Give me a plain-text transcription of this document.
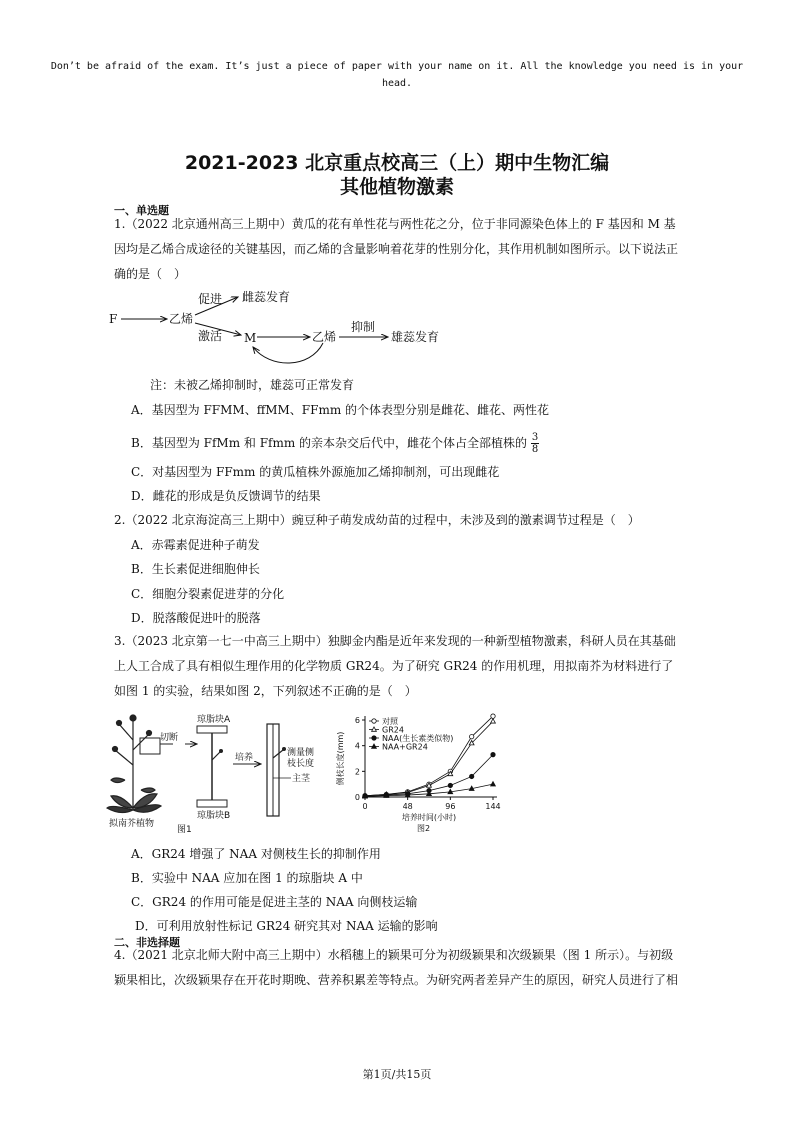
Don’t be afraid of the exam. It’s just a piece of paper with your name on it. All the knowledge you need is in your head.
2021-2023 北京重点校高三（上）期中生物汇编
其他植物激素
一、单选题
1.（2022 北京通州高三上期中）黄瓜的花有单性花与两性花之分，位于非同源染色体上的 F 基因和 M 基因均是乙烯合成途径的关键基因，而乙烯的含量影响着花芽的性别分化，其作用机制如图所示。以下说法正确的是（　）
F	乙烯
促进 雌蕊发育
激活 M	乙烯
抑制
雄蕊发育
注：未被乙烯抑制时，雄蕊可正常发育
A．基因型为 FFMM、ffMM、FFmm 的个体表型分别是雌花、雌花、两性花
B．基因型为 FfMm 和 Ffmm 的亲本杂交后代中，雌花个体占全部植株的 $\frac{3}{8}$
C．对基因型为 FFmm 的黄瓜植株外源施加乙烯抑制剂，可出现雌花
D．雌花的形成是负反馈调节的结果
2.（2022 北京海淀高三上期中）豌豆种子萌发成幼苗的过程中，未涉及到的激素调节过程是（　）
A．赤霉素促进种子萌发
B．生长素促进细胞伸长
C．细胞分裂素促进芽的分化
D．脱落酸促进叶的脱落
3.（2023 北京第一七一中高三上期中）独脚金内酯是近年来发现的一种新型植物激素，科研人员在其基础上人工合成了具有相似生理作用的化学物质 GR24。为了研究 GR24 的作用机理，用拟南芥为材料进行了如图 1 的实验，结果如图 2，下列叙述不正确的是（　）
切断
琼脂块A
琼脂块B
培养	测量侧
枝长度
主茎
拟南芥植物
图1
0
2
4
6
0	48	96	144
培养时间(小时)
侧枝长度(mm)
图2
对照
GR24
NAA(生长素类似物)
NAA+GR24
A．GR24 增强了 NAA 对侧枝生长的抑制作用
B．实验中 NAA 应加在图 1 的琼脂块 A 中
C．GR24 的作用可能是促进主茎的 NAA 向侧枝运输
D．可利用放射性标记 GR24 研究其对 NAA 运输的影响
二、非选择题
4.（2021 北京北师大附中高三上期中）水稻穗上的颖果可分为初级颖果和次级颖果（图 1 所示）。与初级颖果相比，次级颖果存在开花时期晚、营养积累差等特点。为研究两者差异产生的原因，研究人员进行了相
第1页/共15页
